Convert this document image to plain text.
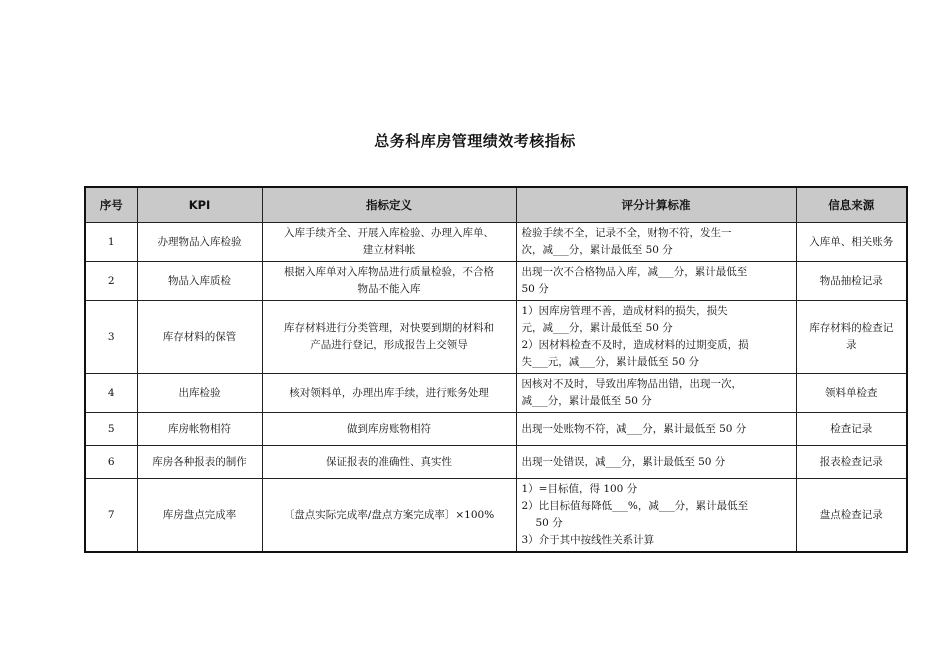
总务科库房管理绩效考核指标
序号	KPI	指标定义	评分计算标准	信息来源
1	办理物品入库检验	入库手续齐全、开展入库检验、办理入库单、
建立材料帐	检验手续不全，记录不全，财物不符，发生一
次，减___分，累计最低至 50 分	入库单、相关账务
2	物品入库质检	根据入库单对入库物品进行质量检验，不合格
物品不能入库	出现一次不合格物品入库，减___分，累计最低至
50 分	物品抽检记录
3	库存材料的保管	库存材料进行分类管理，对快要到期的材料和
产品进行登记，形成报告上交领导	1）因库房管理不善，造成材料的损失，损失
元，减___分，累计最低至 50 分
2）因材料检查不及时，造成材料的过期变质，损
失___元，减___分，累计最低至 50 分	库存材料的检查记
录

4	出库检验	核对领料单，办理出库手续，进行账务处理	因核对不及时，导致出库物品出错，出现一次，
减___分，累计最低至 50 分	领料单检查
5	库房帐物相符	做到库房账物相符	出现一处账物不符，减___分，累计最低至 50 分	检查记录
6	库房各种报表的制作	保证报表的准确性、真实性	出现一处错误，减___分，累计最低至 50 分	报表检查记录
7	库房盘点完成率	〔盘点实际完成率/盘点方案完成率〕×100%	1）=目标值，得 100 分
2）比目标值每降低___%，减___分，累计最低至
50 分
3）介于其中按线性关系计算	盘点检查记录
